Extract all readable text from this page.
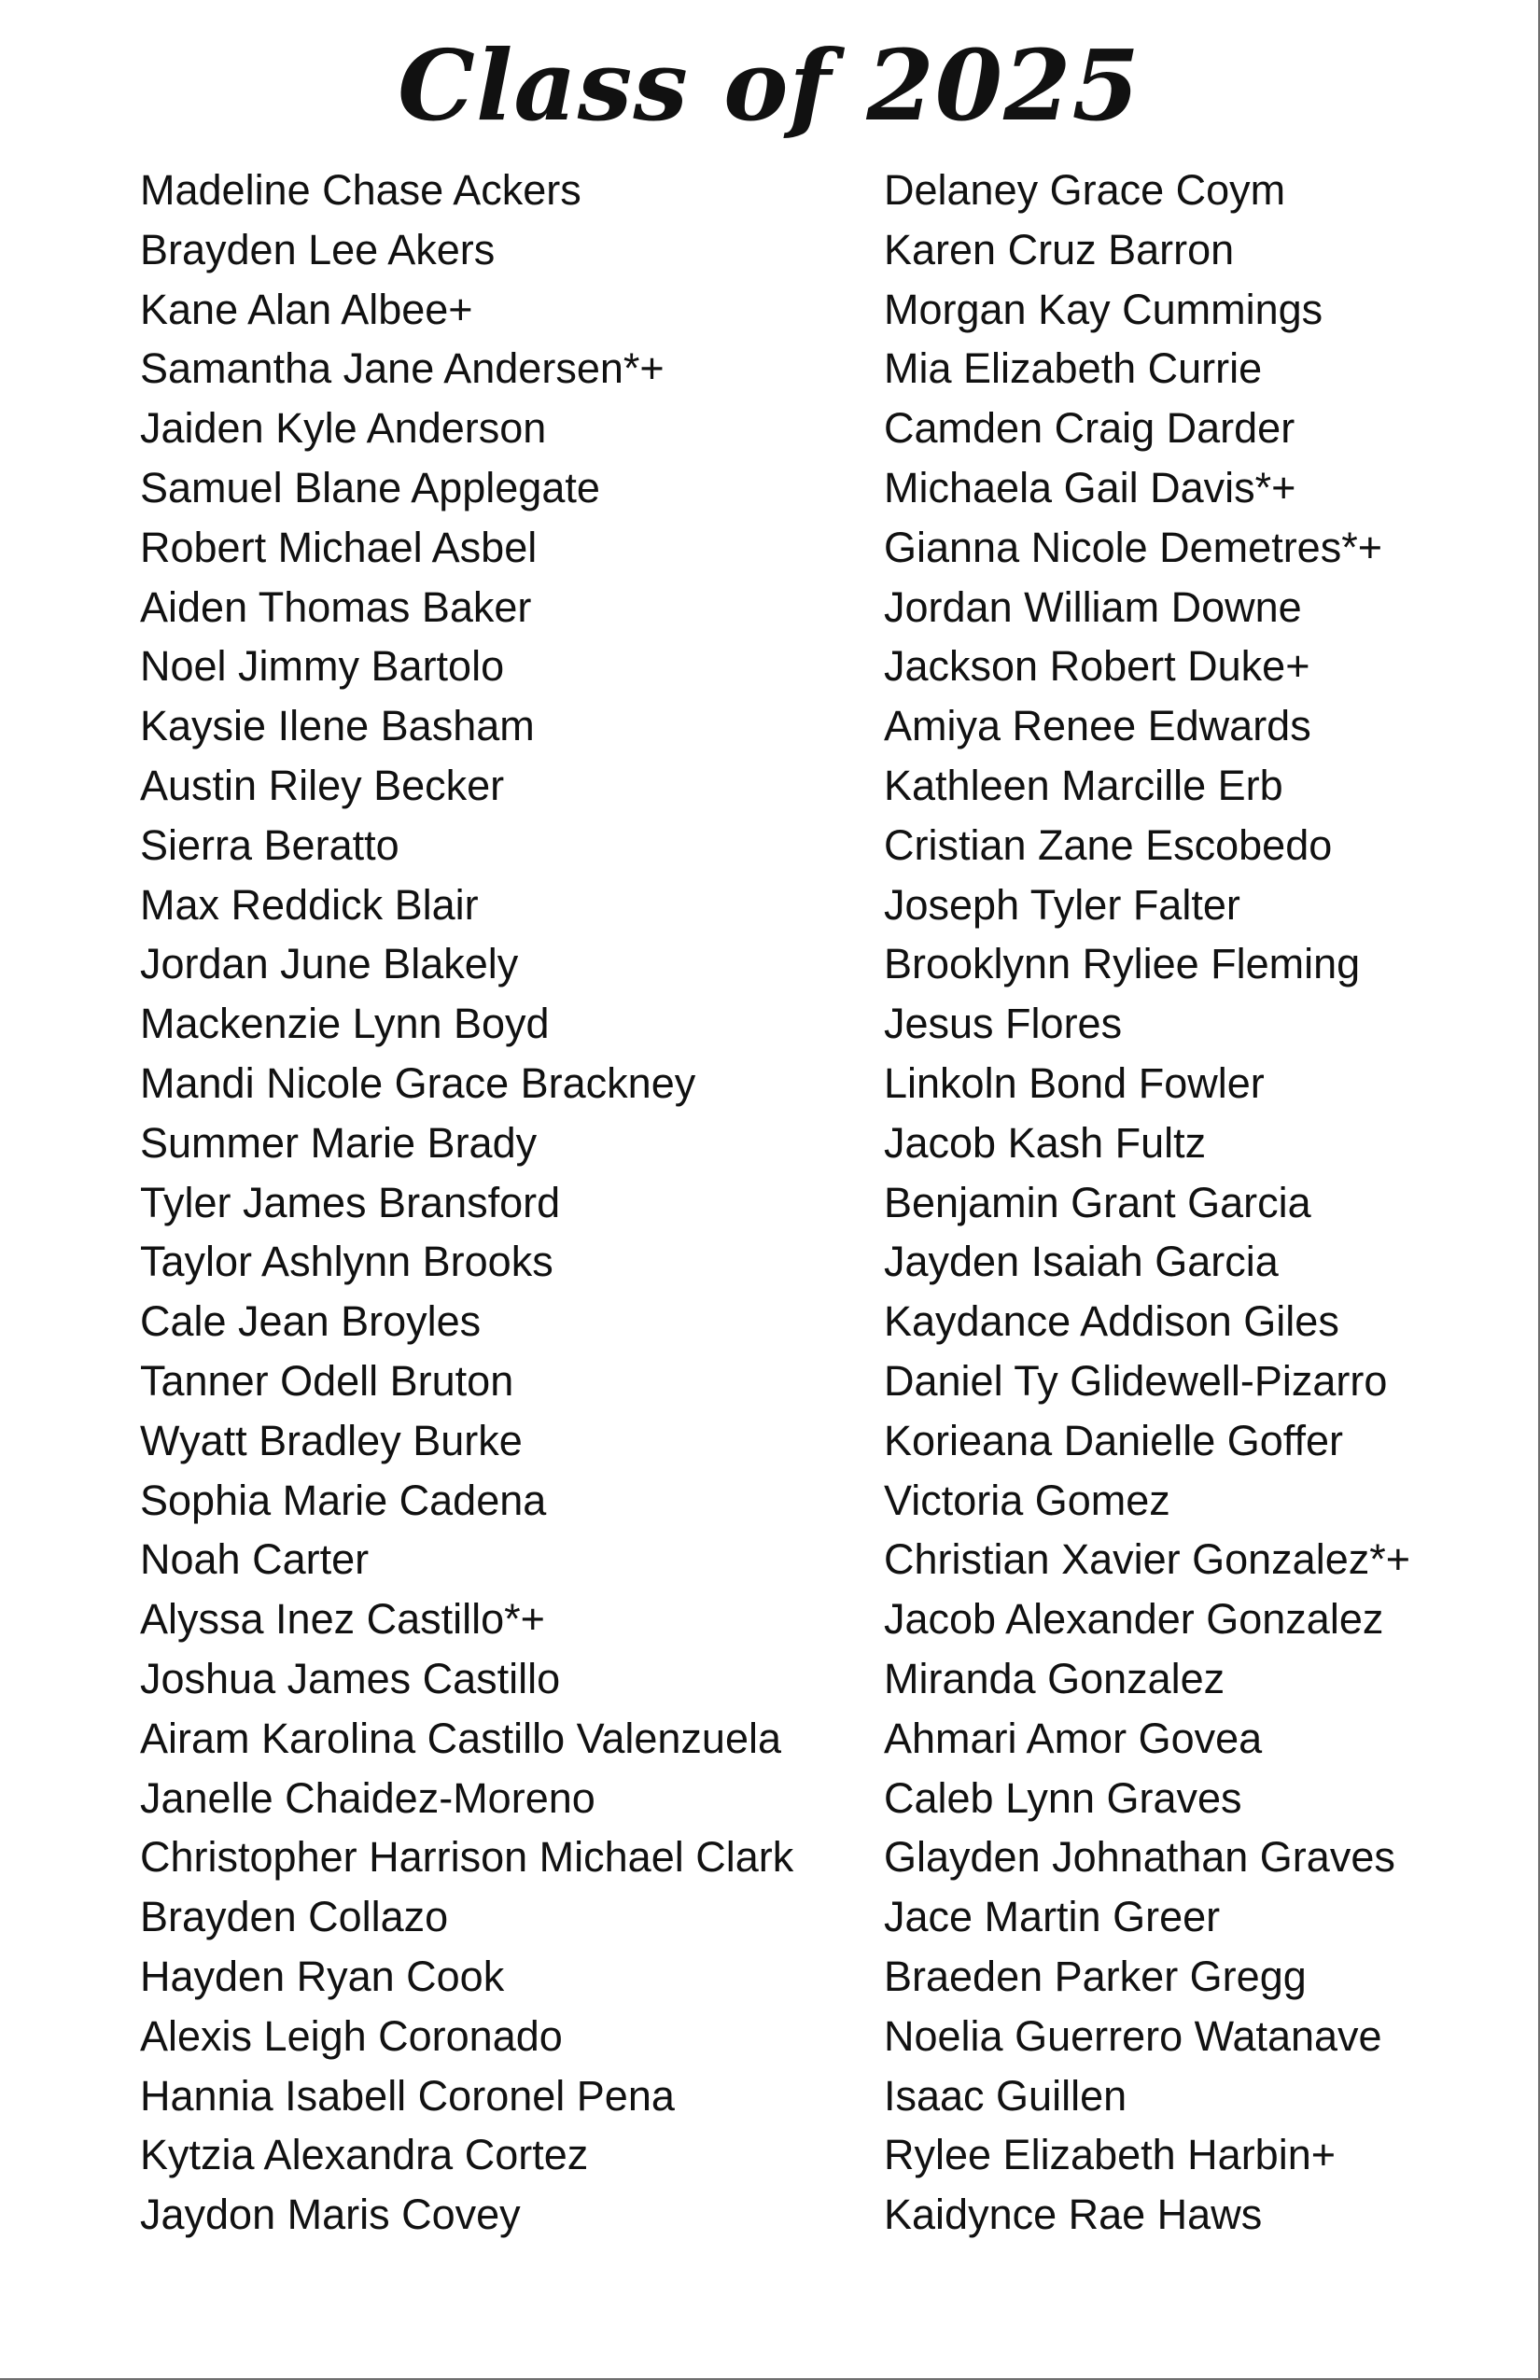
Class of 2025
Madeline Chase Ackers
Brayden Lee Akers
Kane Alan Albee+
Samantha Jane Andersen*+
Jaiden Kyle Anderson
Samuel Blane Applegate
Robert Michael Asbel
Aiden Thomas Baker
Noel Jimmy Bartolo
Kaysie Ilene Basham
Austin Riley Becker
Sierra Beratto
Max Reddick Blair
Jordan June Blakely
Mackenzie Lynn Boyd
Mandi Nicole Grace Brackney
Summer Marie Brady
Tyler James Bransford
Taylor Ashlynn Brooks
Cale Jean Broyles
Tanner Odell Bruton
Wyatt Bradley Burke
Sophia Marie Cadena
Noah Carter
Alyssa Inez Castillo*+
Joshua James Castillo
Airam Karolina Castillo Valenzuela
Janelle Chaidez-Moreno
Christopher Harrison Michael Clark
Brayden Collazo
Hayden Ryan Cook
Alexis Leigh Coronado
Hannia Isabell Coronel Pena
Kytzia Alexandra Cortez
Jaydon Maris Covey
Delaney Grace Coym
Karen Cruz Barron
Morgan Kay Cummings
Mia Elizabeth Currie
Camden Craig Darder
Michaela Gail Davis*+
Gianna Nicole Demetres*+
Jordan William Downe
Jackson Robert Duke+
Amiya Renee Edwards
Kathleen Marcille Erb
Cristian Zane Escobedo
Joseph Tyler Falter
Brooklynn Ryliee Fleming
Jesus Flores
Linkoln Bond Fowler
Jacob Kash Fultz
Benjamin Grant Garcia
Jayden Isaiah Garcia
Kaydance Addison Giles
Daniel Ty Glidewell-Pizarro
Korieana Danielle Goffer
Victoria Gomez
Christian Xavier Gonzalez*+
Jacob Alexander Gonzalez
Miranda Gonzalez
Ahmari Amor Govea
Caleb Lynn Graves
Glayden Johnathan Graves
Jace Martin Greer
Braeden Parker Gregg
Noelia Guerrero Watanave
Isaac Guillen
Rylee Elizabeth Harbin+
Kaidynce Rae Haws
